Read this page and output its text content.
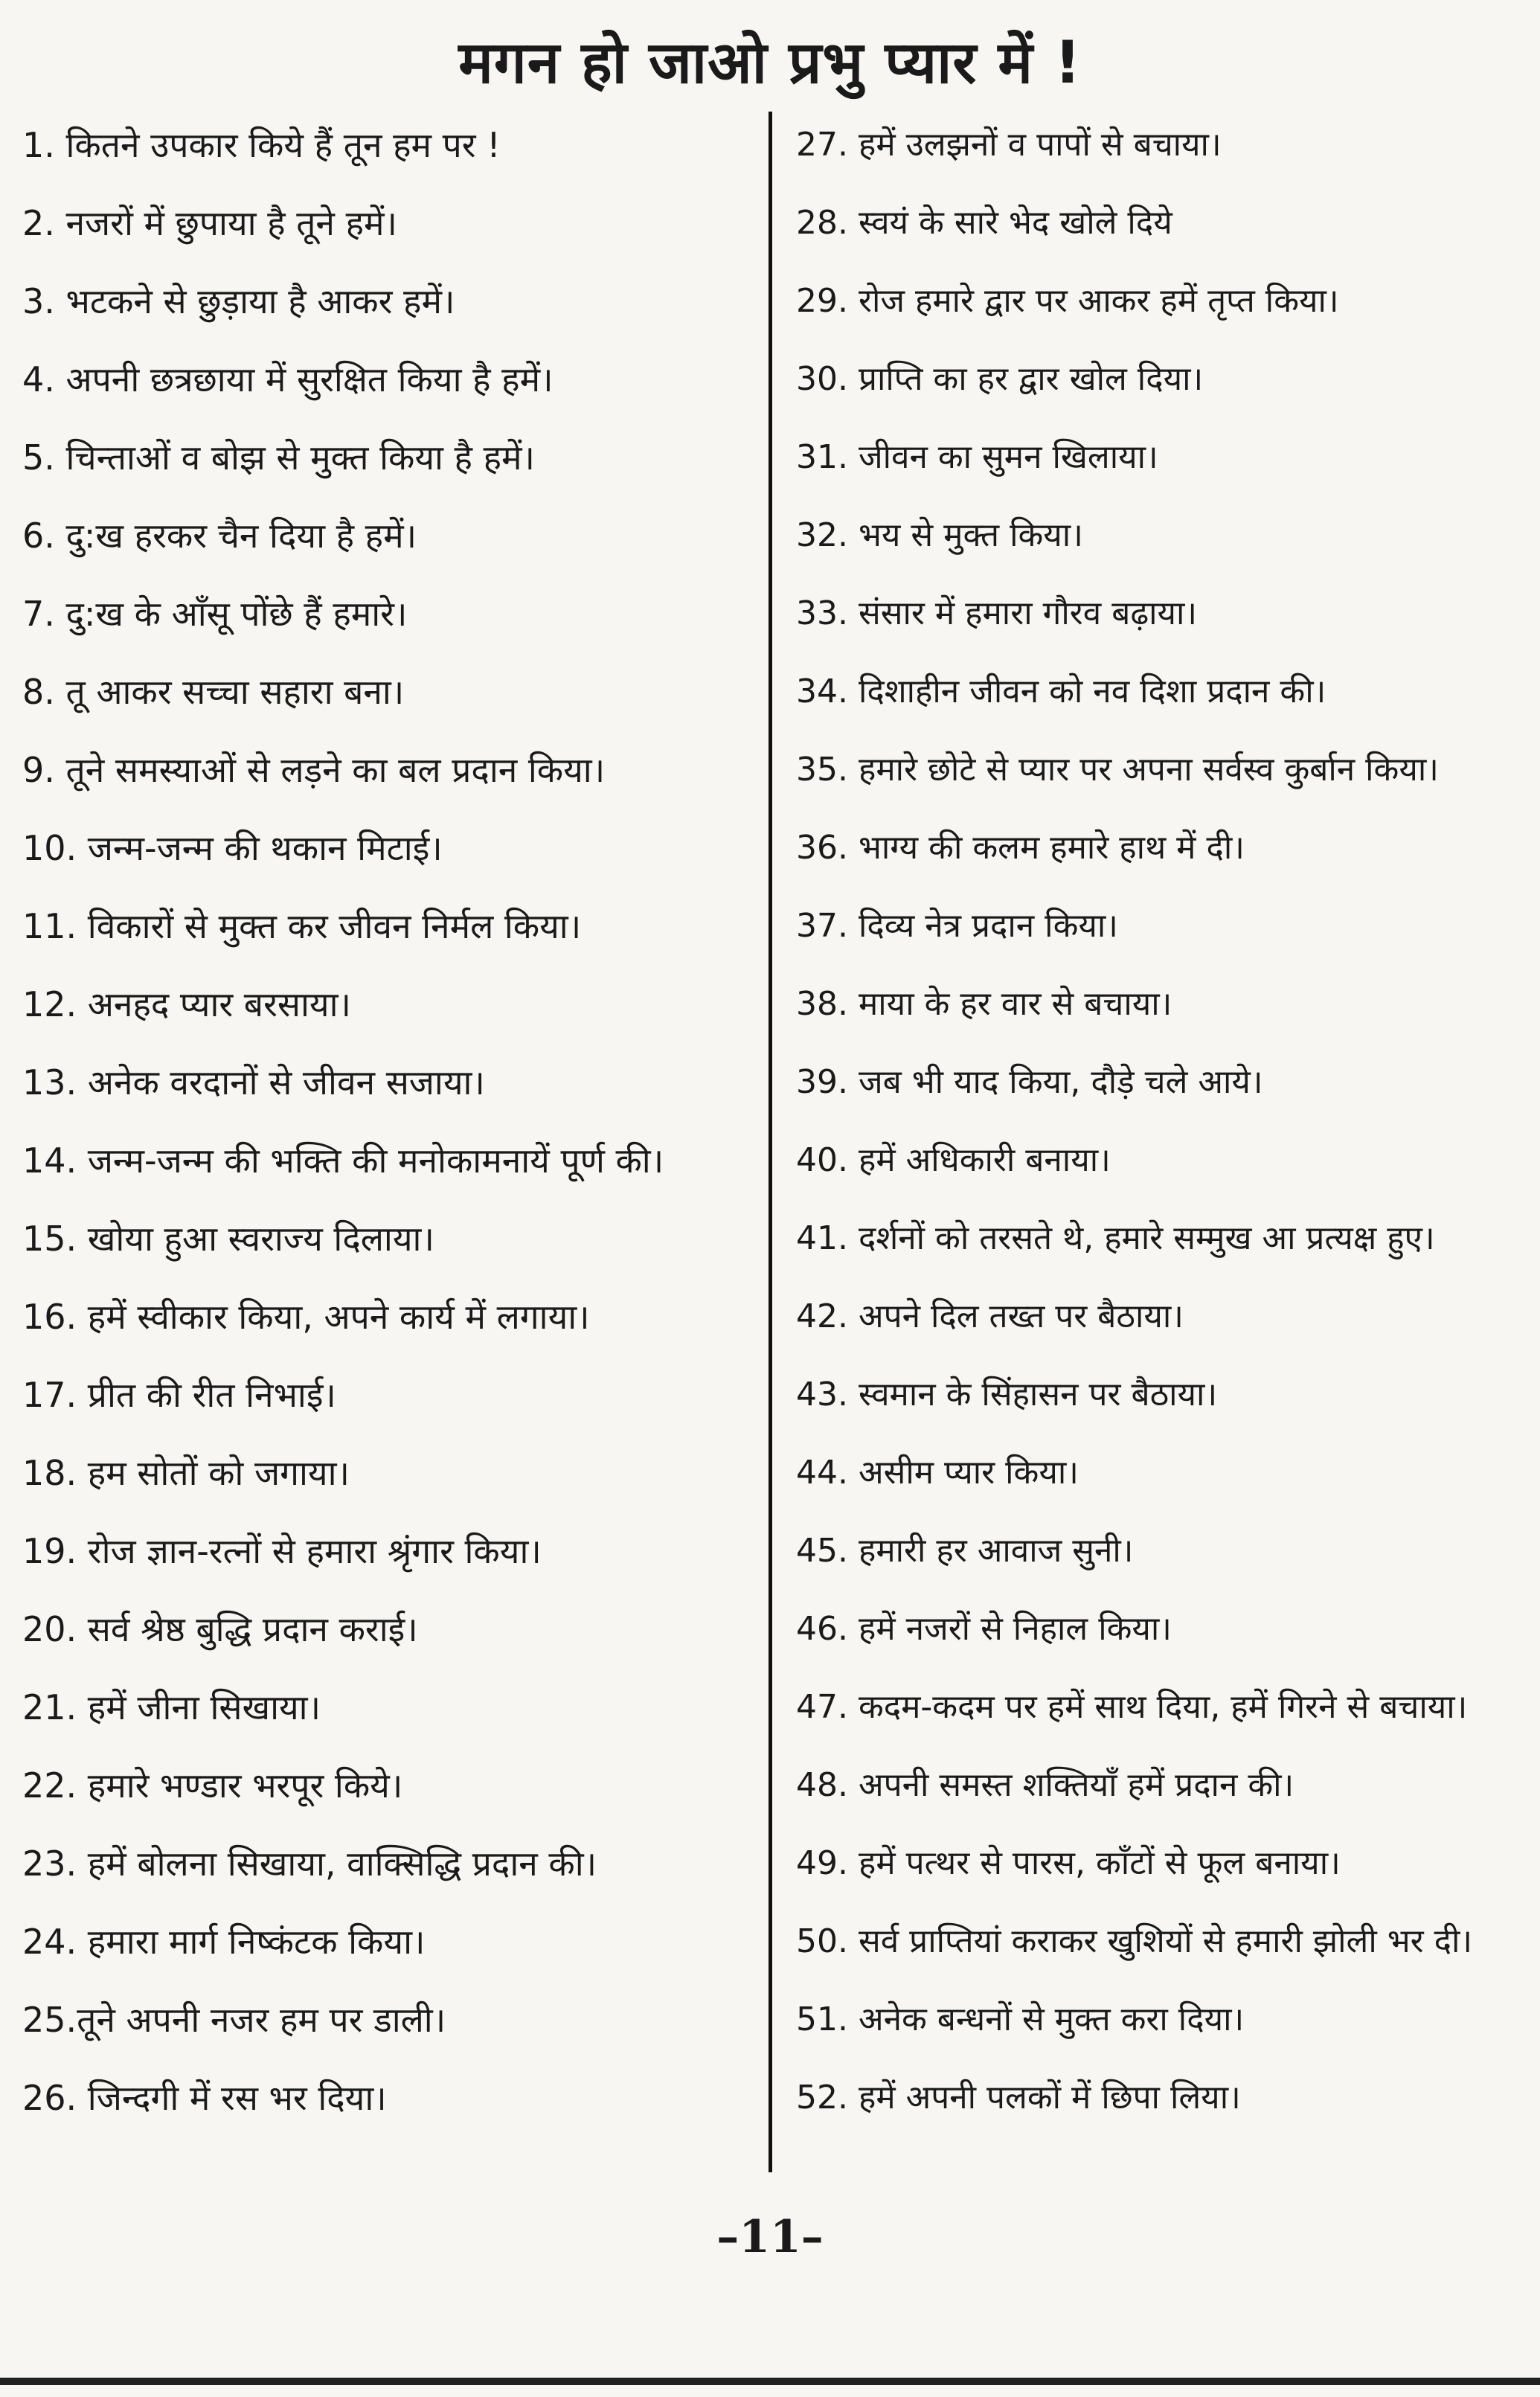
मगन हो जाओ प्रभु प्यार में !
1. कितने उपकार किये हैं तून हम पर !
2. नजरों में छुपाया है तूने हमें।
3. भटकने से छुड़ाया है आकर हमें।
4. अपनी छत्रछाया में सुरक्षित किया है हमें।
5. चिन्ताओं व बोझ से मुक्त किया है हमें।
6. दु:ख हरकर चैन दिया है हमें।
7. दु:ख के आँसू पोंछे हैं हमारे।
8. तू आकर सच्चा सहारा बना।
9. तूने समस्याओं से लड़ने का बल प्रदान किया।
10. जन्म-जन्म की थकान मिटाई।
11. विकारों से मुक्त कर जीवन निर्मल किया।
12. अनहद प्यार बरसाया।
13. अनेक वरदानों से जीवन सजाया।
14. जन्म-जन्म की भक्ति की मनोकामनायें पूर्ण की।
15. खोया हुआ स्वराज्य दिलाया।
16. हमें स्वीकार किया, अपने कार्य में लगाया।
17. प्रीत की रीत निभाई।
18. हम सोतों को जगाया।
19. रोज ज्ञान-रत्नों से हमारा श्रृंगार किया।
20. सर्व श्रेष्ठ बुद्धि प्रदान कराई।
21. हमें जीना सिखाया।
22. हमारे भण्डार भरपूर किये।
23. हमें बोलना सिखाया, वाक्सिद्धि प्रदान की।
24. हमारा मार्ग निष्कंटक किया।
25.तूने अपनी नजर हम पर डाली।
26. जिन्दगी में रस भर दिया।
27. हमें उलझनों व पापों से बचाया।
28. स्वयं के सारे भेद खोले दिये
29. रोज हमारे द्वार पर आकर हमें तृप्त किया।
30. प्राप्ति का हर द्वार खोल दिया।
31. जीवन का सुमन खिलाया।
32. भय से मुक्त किया।
33. संसार में हमारा गौरव बढ़ाया।
34. दिशाहीन जीवन को नव दिशा प्रदान की।
35. हमारे छोटे से प्यार पर अपना सर्वस्व कुर्बान किया।
36. भाग्य की कलम हमारे हाथ में दी।
37. दिव्य नेत्र प्रदान किया।
38. माया के हर वार से बचाया।
39. जब भी याद किया, दौड़े चले आये।
40. हमें अधिकारी बनाया।
41. दर्शनों को तरसते थे, हमारे सम्मुख आ प्रत्यक्ष हुए।
42. अपने दिल तख्त पर बैठाया।
43. स्वमान के सिंहासन पर बैठाया।
44. असीम प्यार किया।
45. हमारी हर आवाज सुनी।
46. हमें नजरों से निहाल किया।
47. कदम-कदम पर हमें साथ दिया, हमें गिरने से बचाया।
48. अपनी समस्त शक्तियाँ हमें प्रदान की।
49. हमें पत्थर से पारस, काँटों से फूल बनाया।
50. सर्व प्राप्तियां कराकर खुशियों से हमारी झोली भर दी।
51. अनेक बन्धनों से मुक्त करा दिया।
52. हमें अपनी पलकों में छिपा लिया।
–11–
